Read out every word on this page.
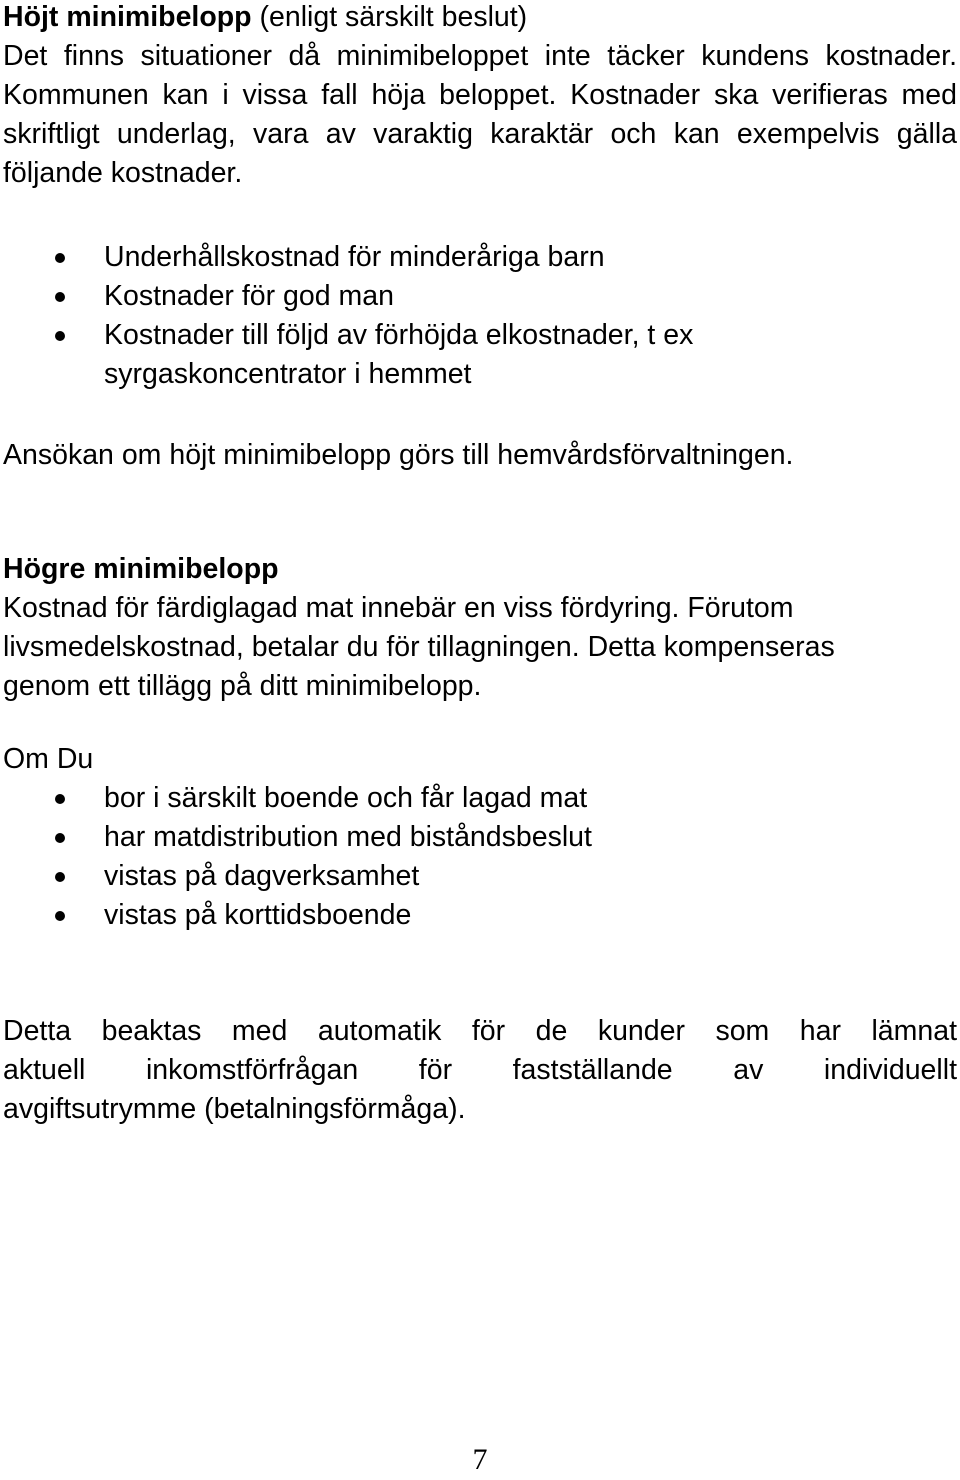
Höjt minimibelopp (enligt särskilt beslut)

Det finns situationer då minimibeloppet inte täcker kundens kostnader. Kommunen kan i vissa fall höja beloppet. Kostnader ska verifieras med skriftligt underlag, vara av varaktig karaktär och kan exempelvis gälla följande kostnader.

Underhållskostnad för minderåriga barn
Kostnader för god man
Kostnader till följd av förhöjda elkostnader, t ex syrgaskoncentrator i hemmet

Ansökan om höjt minimibelopp görs till hemvårdsförvaltningen.

Högre minimibelopp

Kostnad för färdiglagad mat innebär en viss fördyring. Förutom livsmedelskostnad, betalar du för tillagningen. Detta kompenseras genom ett tillägg på ditt minimibelopp.

Om Du

bor i särskilt boende och får lagad mat
har matdistribution med biståndsbeslut
vistas på dagverksamhet
vistas på korttidsboende

Detta beaktas med automatik för de kunder som har lämnat

aktuell inkomstförfrågan för fastställande av individuellt

avgiftsutrymme (betalningsförmåga).

7
